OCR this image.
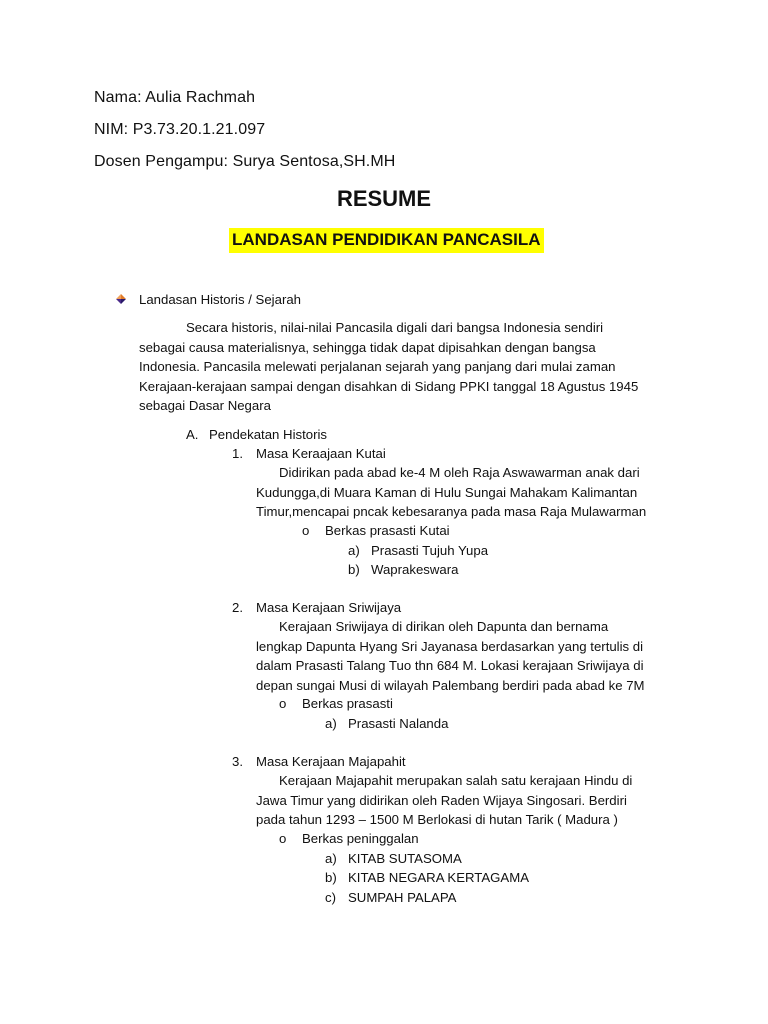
Nama: Aulia Rachmah
NIM: P3.73.20.1.21.097
Dosen Pengampu: Surya Sentosa,SH.MH
RESUME
LANDASAN PENDIDIKAN PANCASILA
Landasan Historis / Sejarah
Secara historis, nilai-nilai Pancasila digali dari bangsa Indonesia sendiri
sebagai causa materialisnya, sehingga tidak dapat dipisahkan dengan bangsa
Indonesia. Pancasila melewati perjalanan sejarah yang panjang dari mulai zaman
Kerajaan-kerajaan sampai dengan disahkan di Sidang PPKI tanggal 18 Agustus 1945
sebagai Dasar Negara
A. Pendekatan Historis
1. Masa Keraajaan Kutai
Didirikan pada abad ke-4 M oleh Raja Aswawarman anak dari
Kudungga,di Muara Kaman di Hulu Sungai Mahakam Kalimantan
Timur,mencapai pncak kebesaranya pada masa Raja Mulawarman
o Berkas prasasti Kutai
a) Prasasti Tujuh Yupa
b) Waprakeswara
2. Masa Kerajaan Sriwijaya
Kerajaan Sriwijaya di dirikan oleh Dapunta dan bernama
lengkap Dapunta Hyang Sri Jayanasa berdasarkan yang tertulis di
dalam Prasasti Talang Tuo thn 684 M. Lokasi kerajaan Sriwijaya di
depan sungai Musi di wilayah Palembang berdiri pada abad ke 7M
o Berkas prasasti
a) Prasasti Nalanda
3. Masa Kerajaan Majapahit
Kerajaan Majapahit merupakan salah satu kerajaan Hindu di
Jawa Timur yang didirikan oleh Raden Wijaya Singosari. Berdiri
pada tahun 1293 – 1500 M Berlokasi di hutan Tarik ( Madura )
o Berkas peninggalan
a) KITAB SUTASOMA
b) KITAB NEGARA KERTAGAMA
c) SUMPAH PALAPA
